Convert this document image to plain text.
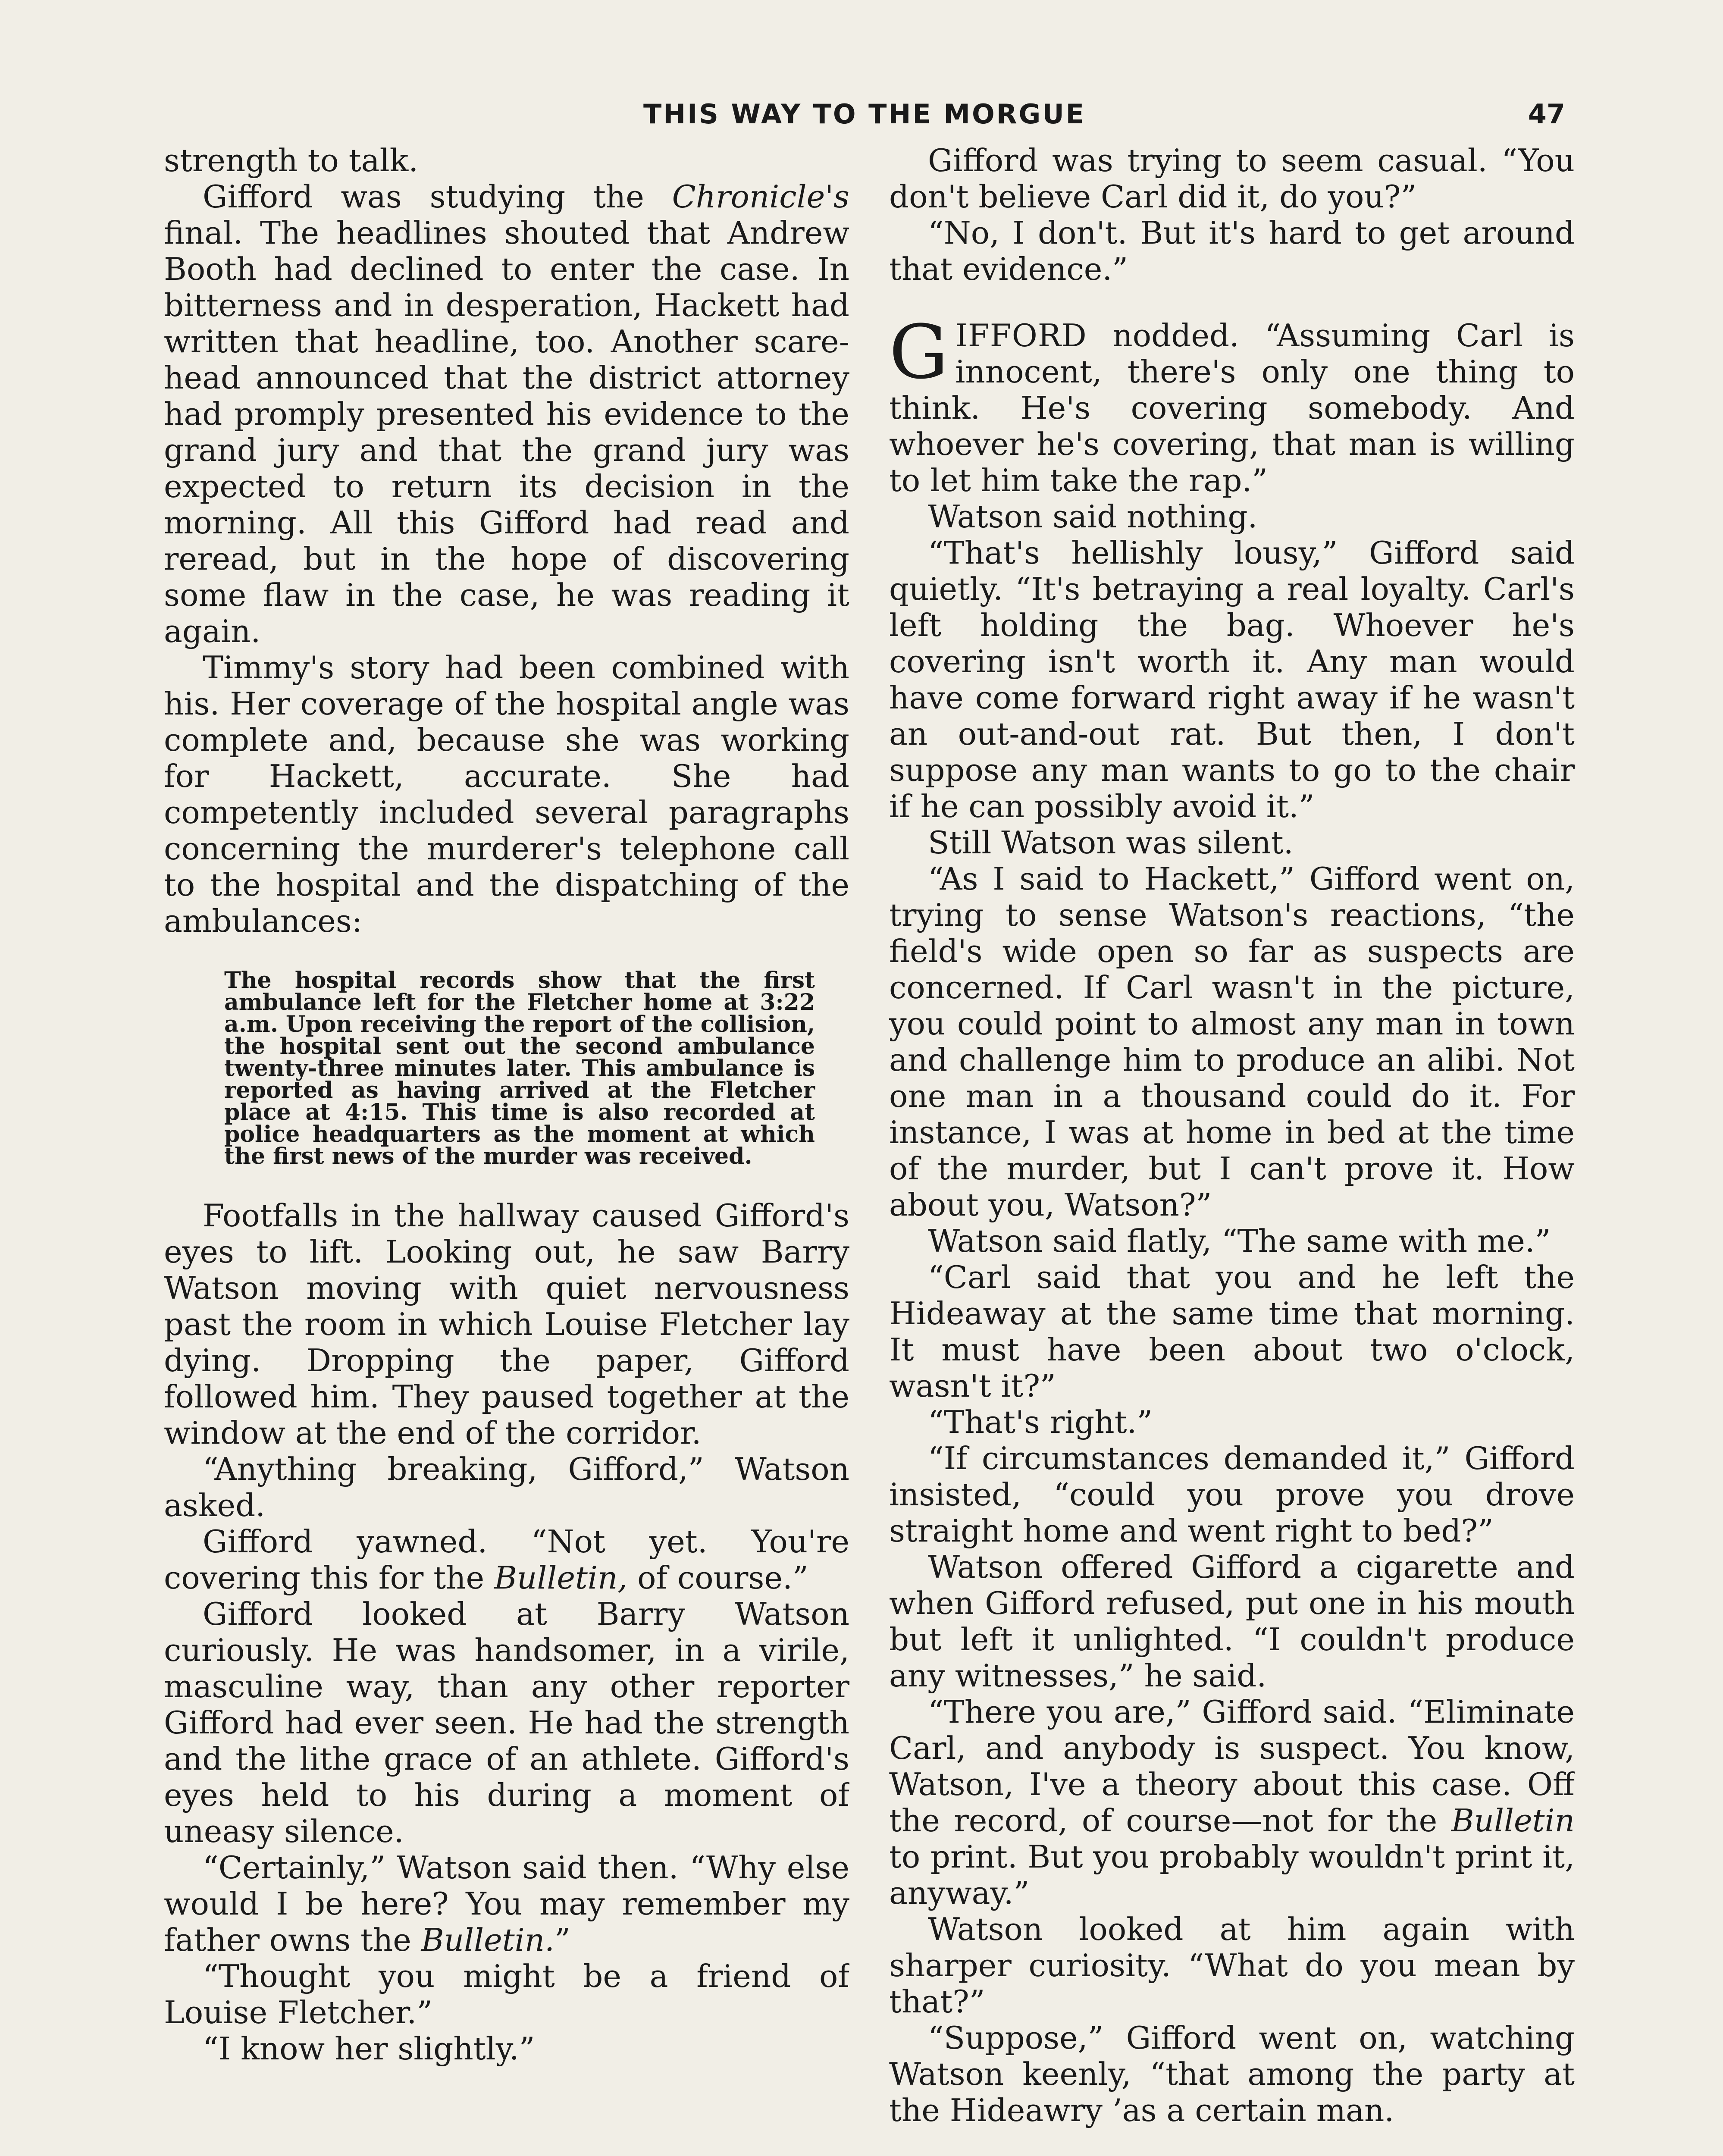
THIS WAY TO THE MORGUE	47

strength to talk.

Gifford was studying the Chronicle's final. The headlines shouted that Andrew Booth had declined to enter the case. In bitterness and in desperation, Hackett had written that headline, too. Another scare-head announced that the district attorney had promply presented his evidence to the grand jury and that the grand jury was expected to return its decision in the morning. All this Gifford had read and reread, but in the hope of discovering some flaw in the case, he was reading it again.

Timmy's story had been combined with his. Her coverage of the hospital angle was complete and, because she was working for Hackett, accurate. She had competently included several paragraphs concerning the murderer's telephone call to the hospital and the dispatching of the ambulances:

The hospital records show that the first ambulance left for the Fletcher home at 3:22 a.m. Upon receiving the report of the collision, the hospital sent out the second ambulance twenty-three minutes later. This ambulance is reported as having arrived at the Fletcher place at 4:15. This time is also recorded at police headquarters as the moment at which the first news of the murder was received.

Footfalls in the hallway caused Gifford's eyes to lift. Looking out, he saw Barry Watson moving with quiet nervousness past the room in which Louise Fletcher lay dying. Dropping the paper, Gifford followed him. They paused together at the window at the end of the corridor.

“Anything breaking, Gifford,” Watson asked.

Gifford yawned. “Not yet. You're covering this for the Bulletin, of course.”

Gifford looked at Barry Watson curiously. He was handsomer, in a virile, masculine way, than any other reporter Gifford had ever seen. He had the strength and the lithe grace of an athlete. Gifford's eyes held to his during a moment of uneasy silence.

“Certainly,” Watson said then. “Why else would I be here? You may remember my father owns the Bulletin.”

“Thought you might be a friend of Louise Fletcher.”

“I know her slightly.”

Gifford was trying to seem casual. “You don't believe Carl did it, do you?”

“No, I don't. But it's hard to get around that evidence.”

GIFFORD nodded. “Assuming Carl is innocent, there's only one thing to think. He's covering somebody. And whoever he's covering, that man is willing to let him take the rap.”

Watson said nothing.

“That's hellishly lousy,” Gifford said quietly. “It's betraying a real loyalty. Carl's left holding the bag. Whoever he's covering isn't worth it. Any man would have come forward right away if he wasn't an out-and-out rat. But then, I don't suppose any man wants to go to the chair if he can possibly avoid it.”

Still Watson was silent.

“As I said to Hackett,” Gifford went on, trying to sense Watson's reactions, “the field's wide open so far as suspects are concerned. If Carl wasn't in the picture, you could point to almost any man in town and challenge him to produce an alibi. Not one man in a thousand could do it. For instance, I was at home in bed at the time of the murder, but I can't prove it. How about you, Watson?”

Watson said flatly, “The same with me.”

“Carl said that you and he left the Hideaway at the same time that morning. It must have been about two o'clock, wasn't it?”

“That's right.”

“If circumstances demanded it,” Gifford insisted, “could you prove you drove straight home and went right to bed?”

Watson offered Gifford a cigarette and when Gifford refused, put one in his mouth but left it unlighted. “I couldn't produce any witnesses,” he said.

“There you are,” Gifford said. “Eliminate Carl, and anybody is suspect. You know, Watson, I've a theory about this case. Off the record, of course—not for the Bulletin to print. But you probably wouldn't print it, anyway.”

Watson looked at him again with sharper curiosity. “What do you mean by that?”

“Suppose,” Gifford went on, watching Watson keenly, “that among the party at the Hideawry ’as a certain man.
